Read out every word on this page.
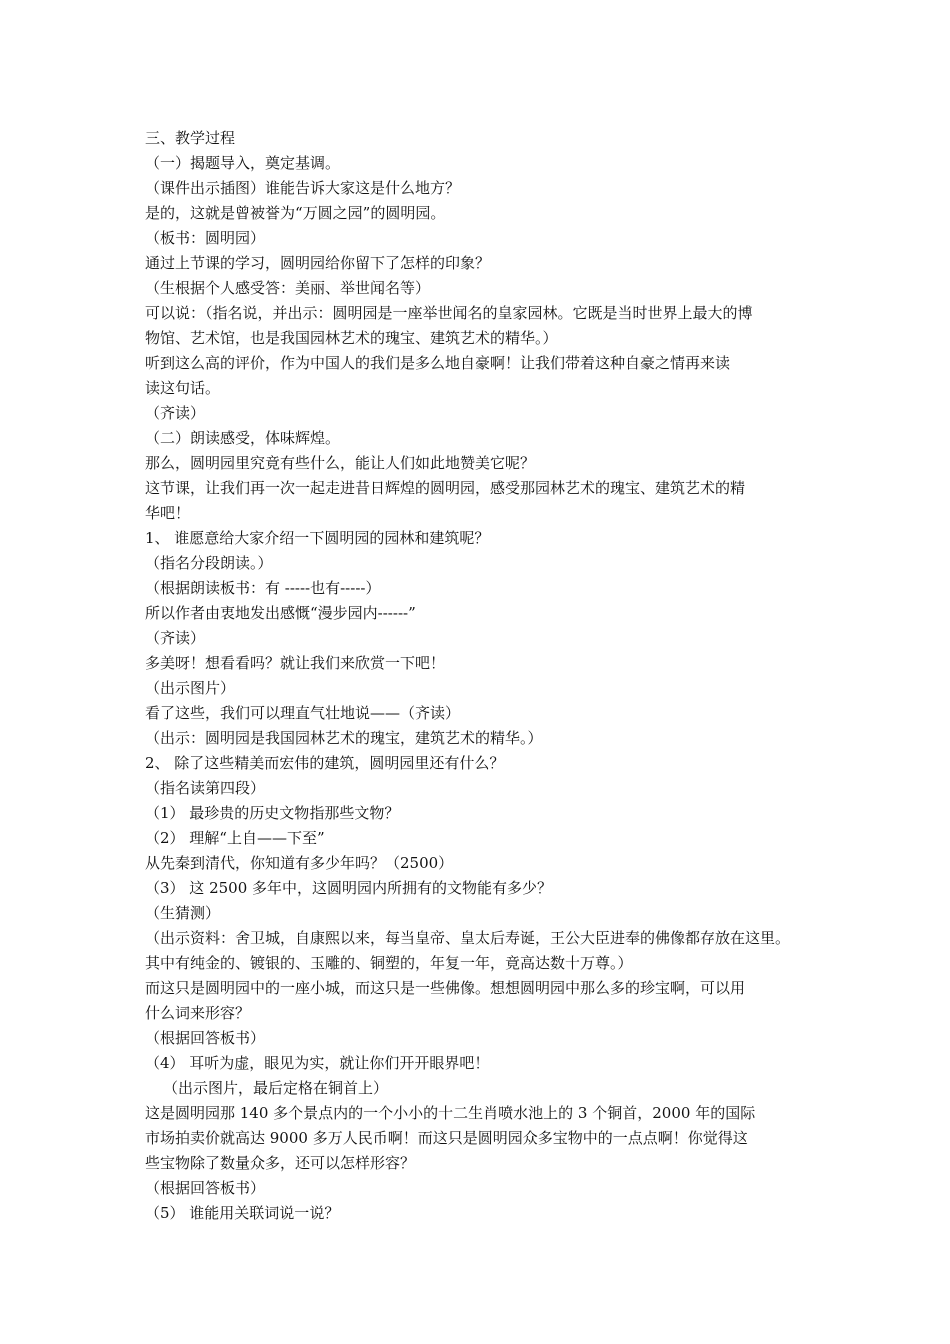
三、教学过程
（一）揭题导入，奠定基调。
（课件出示插图）谁能告诉大家这是什么地方？
是的，这就是曾被誉为“万圆之园”的圆明园。
（板书：圆明园）
通过上节课的学习，圆明园给你留下了怎样的印象？
（生根据个人感受答：美丽、举世闻名等）
可以说：（指名说，并出示：圆明园是一座举世闻名的皇家园林。它既是当时世界上最大的博
物馆、艺术馆，也是我国园林艺术的瑰宝、建筑艺术的精华。）
听到这么高的评价，作为中国人的我们是多么地自豪啊！让我们带着这种自豪之情再来读
读这句话。
（齐读）
（二）朗读感受，体味辉煌。
那么，圆明园里究竟有些什么，能让人们如此地赞美它呢？
这节课，让我们再一次一起走进昔日辉煌的圆明园，感受那园林艺术的瑰宝、建筑艺术的精
华吧！
1、 谁愿意给大家介绍一下圆明园的园林和建筑呢？
（指名分段朗读。）
（根据朗读板书：有 -----也有-----）
所以作者由衷地发出感慨“漫步园内------”
（齐读）
多美呀！想看看吗？就让我们来欣赏一下吧！
（出示图片）
看了这些，我们可以理直气壮地说——（齐读）
（出示：圆明园是我国园林艺术的瑰宝，建筑艺术的精华。）
2、 除了这些精美而宏伟的建筑，圆明园里还有什么？
（指名读第四段）
（1） 最珍贵的历史文物指那些文物？
（2） 理解“上自——下至”
从先秦到清代，你知道有多少年吗？（2500）
（3） 这 2500 多年中，这圆明园内所拥有的文物能有多少？
（生猜测）
（出示资料：舍卫城，自康熙以来，每当皇帝、皇太后寿诞，王公大臣进奉的佛像都存放在这里。
其中有纯金的、镀银的、玉雕的、铜塑的，年复一年，竟高达数十万尊。）
而这只是圆明园中的一座小城，而这只是一些佛像。想想圆明园中那么多的珍宝啊，可以用
什么词来形容？
（根据回答板书）
（4） 耳听为虚，眼见为实，就让你们开开眼界吧！
（出示图片，最后定格在铜首上）
这是圆明园那 140 多个景点内的一个小小的十二生肖喷水池上的 3 个铜首，2000 年的国际
市场拍卖价就高达 9000 多万人民币啊！而这只是圆明园众多宝物中的一点点啊！你觉得这
些宝物除了数量众多，还可以怎样形容？
（根据回答板书）
（5） 谁能用关联词说一说？
